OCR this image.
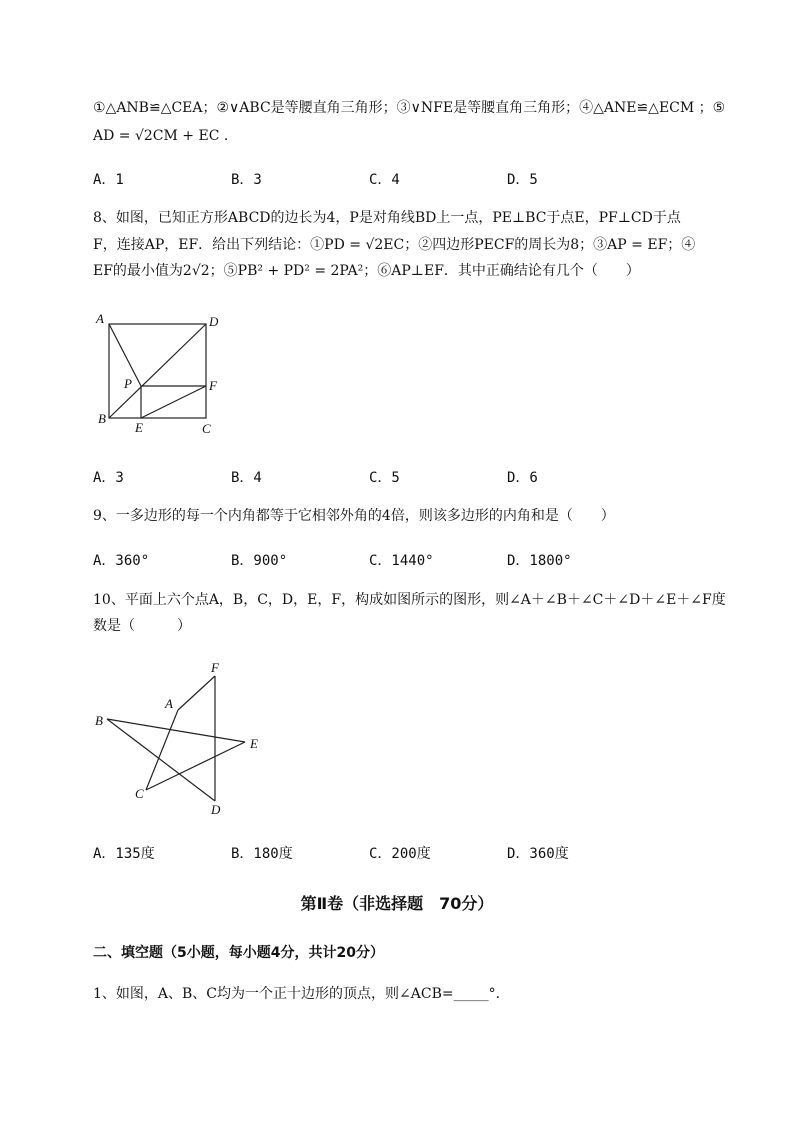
①△ANB≌△CEA；②∨ABC是等腰直角三角形；③∨NFE是等腰直角三角形；④△ANE≌△ECM ；⑤
AD = √2CM + EC .
A．1	B．3	C．4	D．5
8、如图，已知正方形ABCD的边长为4，P是对角线BD上一点，PE⊥BC于点E，PF⊥CD于点
F，连接AP，EF．给出下列结论：①PD = √2EC；②四边形PECF的周长为8；③AP = EF；④
EF的最小值为2√2；⑤PB² + PD² = 2PA²；⑥AP⊥EF．其中正确结论有几个（　　）
A	D
P	F
B
E	C
A．3	B．4	C．5	D．6
9、一多边形的每一个内角都等于它相邻外角的4倍，则该多边形的内角和是（　　）
A．360°	B．900°	C．1440°	D．1800°
10、平面上六个点A，B，C，D，E，F，构成如图所示的图形，则∠A＋∠B＋∠C＋∠D＋∠E＋∠F度
数是（　　　）
F
A
B
E
C
D
A．135度	B．180度	C．200度	D．360度
第Ⅱ卷（非选择题　70分）
二、填空题（5小题，每小题4分，共计20分）
1、如图，A、B、C均为一个正十边形的顶点，则∠ACB=_____°．
